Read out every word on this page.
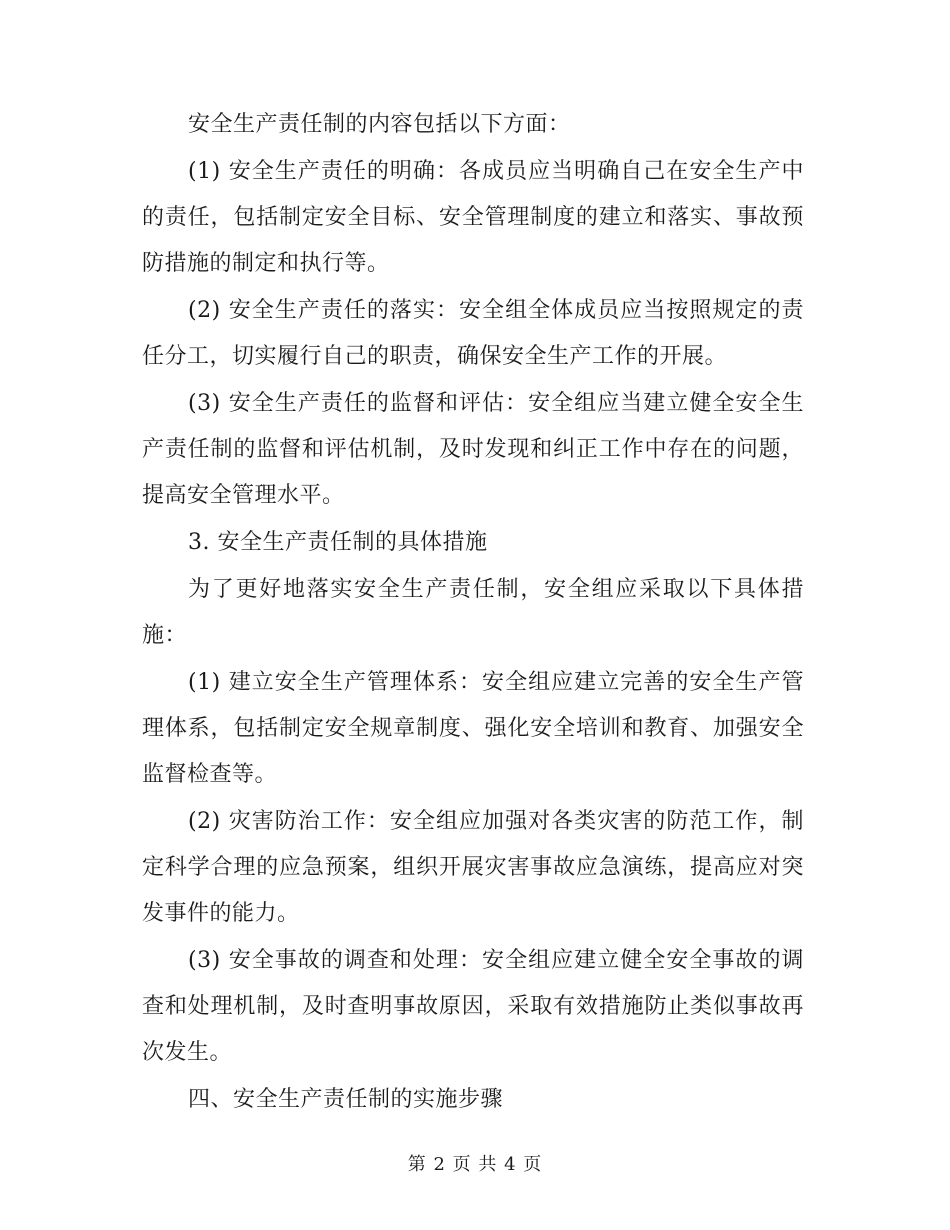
安全生产责任制的内容包括以下方面：

(1) 安全生产责任的明确：各成员应当明确自己在安全生产中的责任，包括制定安全目标、安全管理制度的建立和落实、事故预防措施的制定和执行等。

(2) 安全生产责任的落实：安全组全体成员应当按照规定的责任分工，切实履行自己的职责，确保安全生产工作的开展。

(3) 安全生产责任的监督和评估：安全组应当建立健全安全生产责任制的监督和评估机制，及时发现和纠正工作中存在的问题，提高安全管理水平。

3. 安全生产责任制的具体措施

为了更好地落实安全生产责任制，安全组应采取以下具体措施：

(1) 建立安全生产管理体系：安全组应建立完善的安全生产管理体系，包括制定安全规章制度、强化安全培训和教育、加强安全监督检查等。

(2) 灾害防治工作：安全组应加强对各类灾害的防范工作，制定科学合理的应急预案，组织开展灾害事故应急演练，提高应对突发事件的能力。

(3) 安全事故的调查和处理：安全组应建立健全安全事故的调查和处理机制，及时查明事故原因，采取有效措施防止类似事故再次发生。

四、安全生产责任制的实施步骤

第 2 页 共 4 页
